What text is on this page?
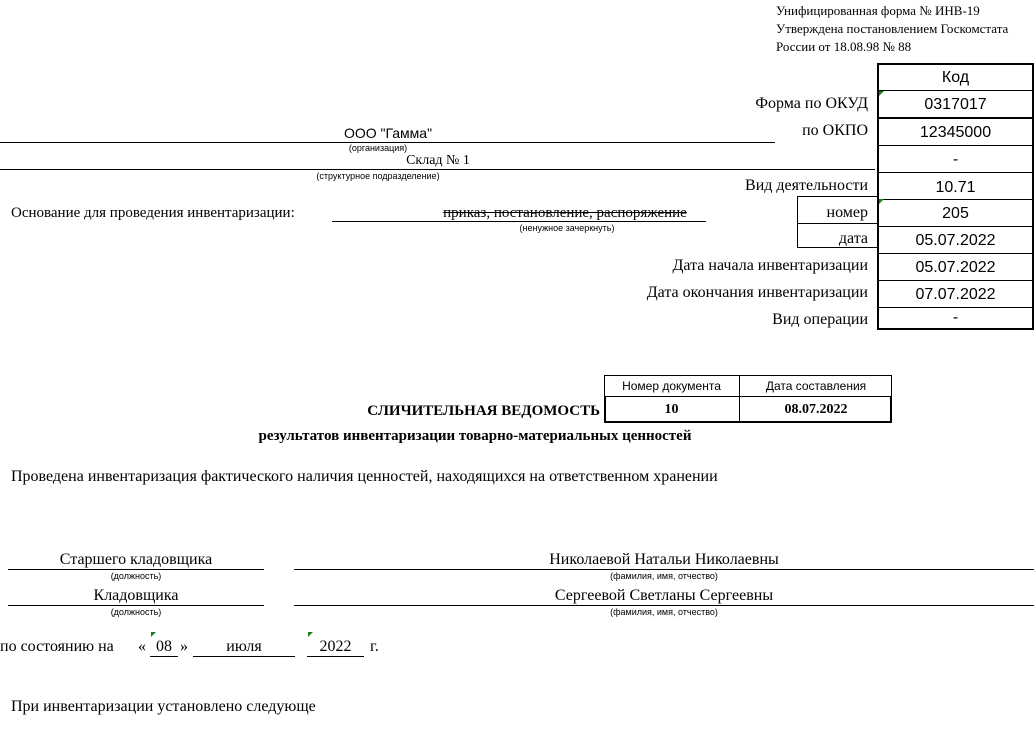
Унифицированная форма № ИНВ-19
Утверждена постановлением Госкомстата
России от 18.08.98 № 88
Код
0317017
12345000
-
10.71
205
05.07.2022
05.07.2022
07.07.2022
-
Форма по ОКУД
по ОКПО
Вид деятельности
номер
дата
Дата начала инвентаризации
Дата окончания инвентаризации
Вид операции
ООО "Гамма"
(организация)
Склад № 1
(структурное подразделение)
Основание для проведения инвентаризации:	приказ, постановление, распоряжение
(ненужное зачеркнуть)
Номер документа	Дата составления
10	08.07.2022
СЛИЧИТЕЛЬНАЯ ВЕДОМОСТЬ
результатов инвентаризации товарно-материальных ценностей
Проведена инвентаризация фактического наличия ценностей, находящихся на ответственном хранении
Старшего кладовщика
(должность)
Николаевой Натальи Николаевны
(фамилия, имя, отчество)
Кладовщика
(должность)
Сергеевой Светланы Сергеевны
(фамилия, имя, отчество)
по состоянию на « 08 »	июля	2022	г.
При инвентаризации установлено следующе
